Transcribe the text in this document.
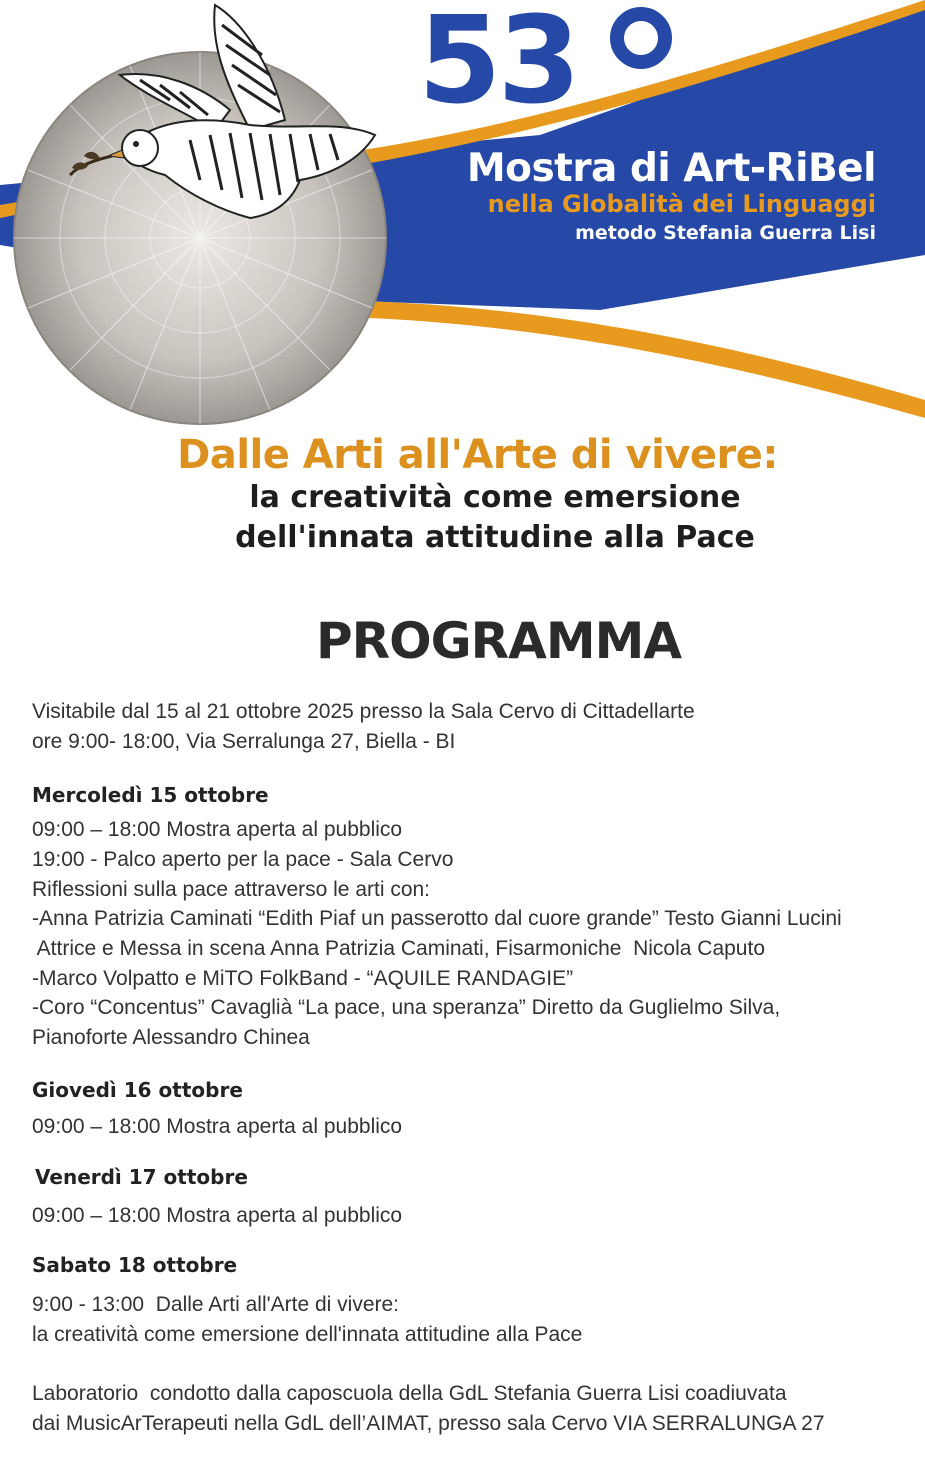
53
Mostra di Art-RiBel
nella Globalità dei Linguaggi
metodo Stefania Guerra Lisi
Dalle Arti all'Arte di vivere:
la creatività come emersione
dell'innata attitudine alla Pace
PROGRAMMA
Visitabile dal 15 al 21 ottobre 2025 presso la Sala Cervo di Cittadellarte
ore 9:00- 18:00, Via Serralunga 27, Biella - BI
Mercoledì 15 ottobre
09:00 – 18:00 Mostra aperta al pubblico
19:00 - Palco aperto per la pace - Sala Cervo
Riflessioni sulla pace attraverso le arti con:
-Anna Patrizia Caminati “Edith Piaf un passerotto dal cuore grande” Testo Gianni Lucini
Attrice e Messa in scena Anna Patrizia Caminati, Fisarmoniche  Nicola Caputo
-Marco Volpatto e MiTO FolkBand - “AQUILE RANDAGIE”
-Coro “Concentus” Cavaglià “La pace, una speranza” Diretto da Guglielmo Silva,
Pianoforte Alessandro Chinea
Giovedì 16 ottobre
09:00 – 18:00 Mostra aperta al pubblico
Venerdì 17 ottobre
09:00 – 18:00 Mostra aperta al pubblico
Sabato 18 ottobre
9:00 - 13:00  Dalle Arti all'Arte di vivere:
la creatività come emersione dell'innata attitudine alla Pace
Laboratorio  condotto dalla caposcuola della GdL Stefania Guerra Lisi coadiuvata
dai MusicArTerapeuti nella GdL dell’AIMAT, presso sala Cervo VIA SERRALUNGA 27
